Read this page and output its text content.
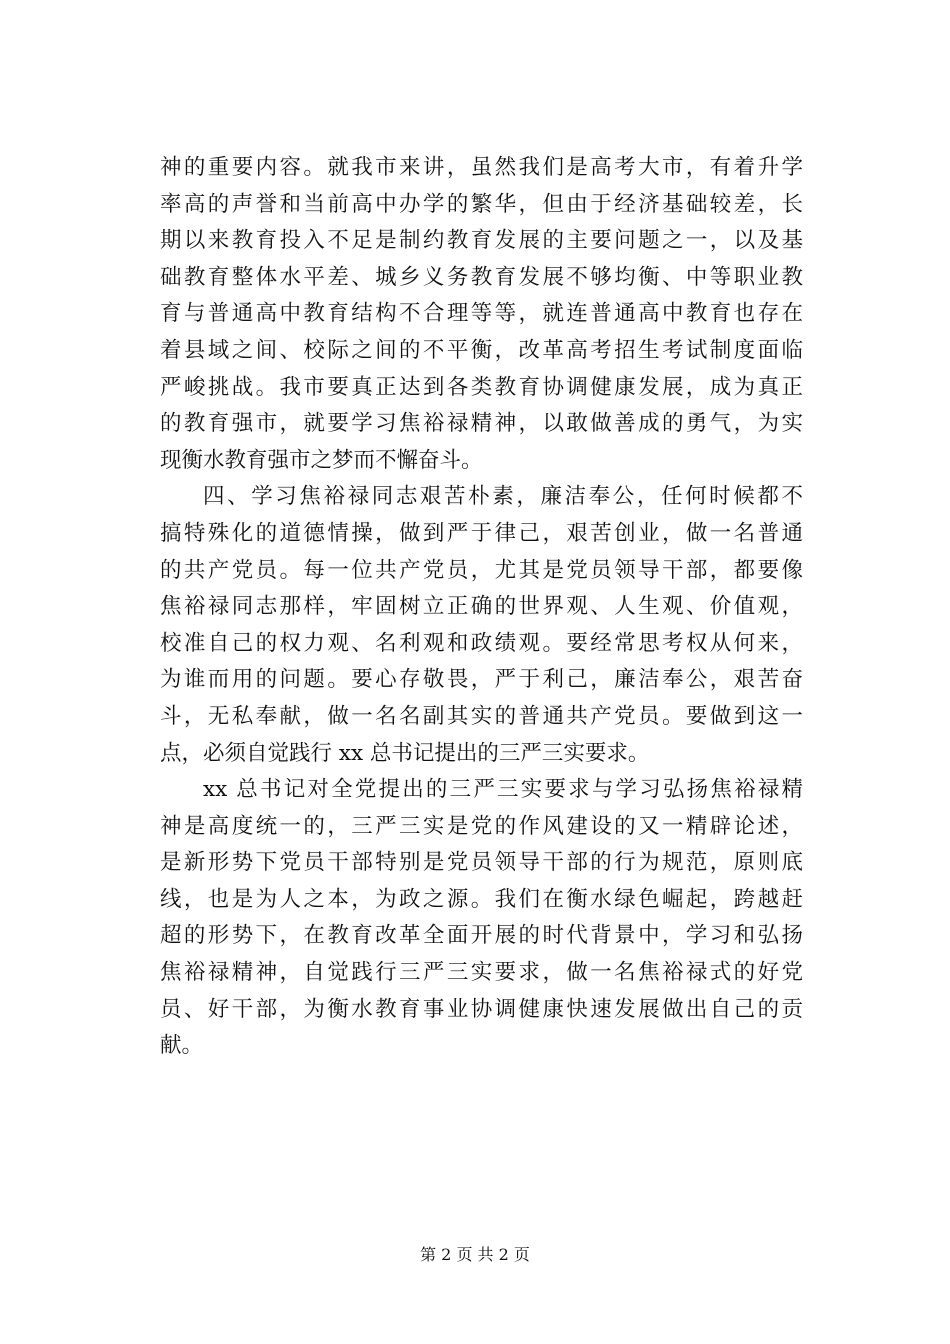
神的重要内容。就我市来讲，虽然我们是高考大市，有着升学
率高的声誉和当前高中办学的繁华，但由于经济基础较差，长
期以来教育投入不足是制约教育发展的主要问题之一，以及基
础教育整体水平差、城乡义务教育发展不够均衡、中等职业教
育与普通高中教育结构不合理等等，就连普通高中教育也存在
着县域之间、校际之间的不平衡，改革高考招生考试制度面临
严峻挑战。我市要真正达到各类教育协调健康发展，成为真正
的教育强市，就要学习焦裕禄精神，以敢做善成的勇气，为实
现衡水教育强市之梦而不懈奋斗。
四、学习焦裕禄同志艰苦朴素，廉洁奉公，任何时候都不
搞特殊化的道德情操，做到严于律己，艰苦创业，做一名普通
的共产党员。每一位共产党员，尤其是党员领导干部，都要像
焦裕禄同志那样，牢固树立正确的世界观、人生观、价值观，
校准自己的权力观、名利观和政绩观。要经常思考权从何来，
为谁而用的问题。要心存敬畏，严于利己，廉洁奉公，艰苦奋
斗，无私奉献，做一名名副其实的普通共产党员。要做到这一
点，必须自觉践行 xx 总书记提出的三严三实要求。
xx 总书记对全党提出的三严三实要求与学习弘扬焦裕禄精
神是高度统一的，三严三实是党的作风建设的又一精辟论述，
是新形势下党员干部特别是党员领导干部的行为规范，原则底
线，也是为人之本，为政之源。我们在衡水绿色崛起，跨越赶
超的形势下，在教育改革全面开展的时代背景中，学习和弘扬
焦裕禄精神，自觉践行三严三实要求，做一名焦裕禄式的好党
员、好干部，为衡水教育事业协调健康快速发展做出自己的贡
献。
第 2 页 共 2 页
